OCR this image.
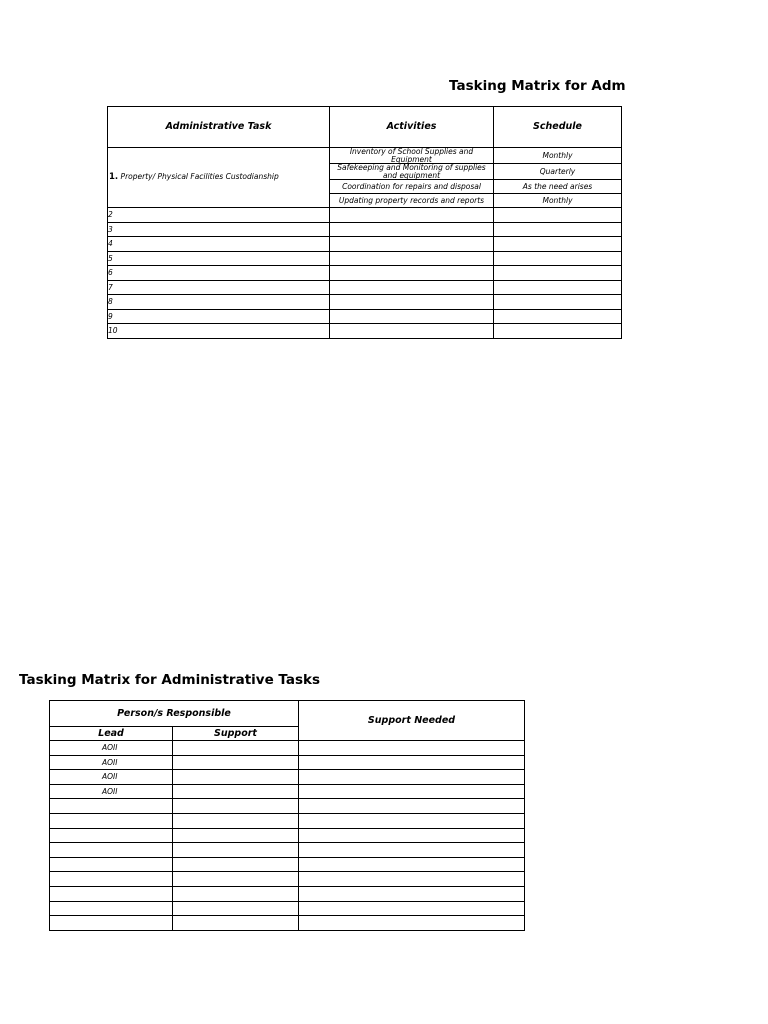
Tasking Matrix for Adm
Tasking Matrix for Administrative Tasks
Administrative Task	Activities	Schedule
1. Property/ Physical Facilities Custodianship	Inventory of School Supplies and Equipment	Monthly
	Safekeeping and Monitoring of supplies and equipment	Quarterly
	Coordination for repairs and disposal	As the need arises
	Updating property records and reports	Monthly
2		
3		
4		
5		
6		
7		
8		
9		
10		
Person/s Responsible		Support Needed
Lead	Support	
AOII		
AOII		
AOII		
AOII		
